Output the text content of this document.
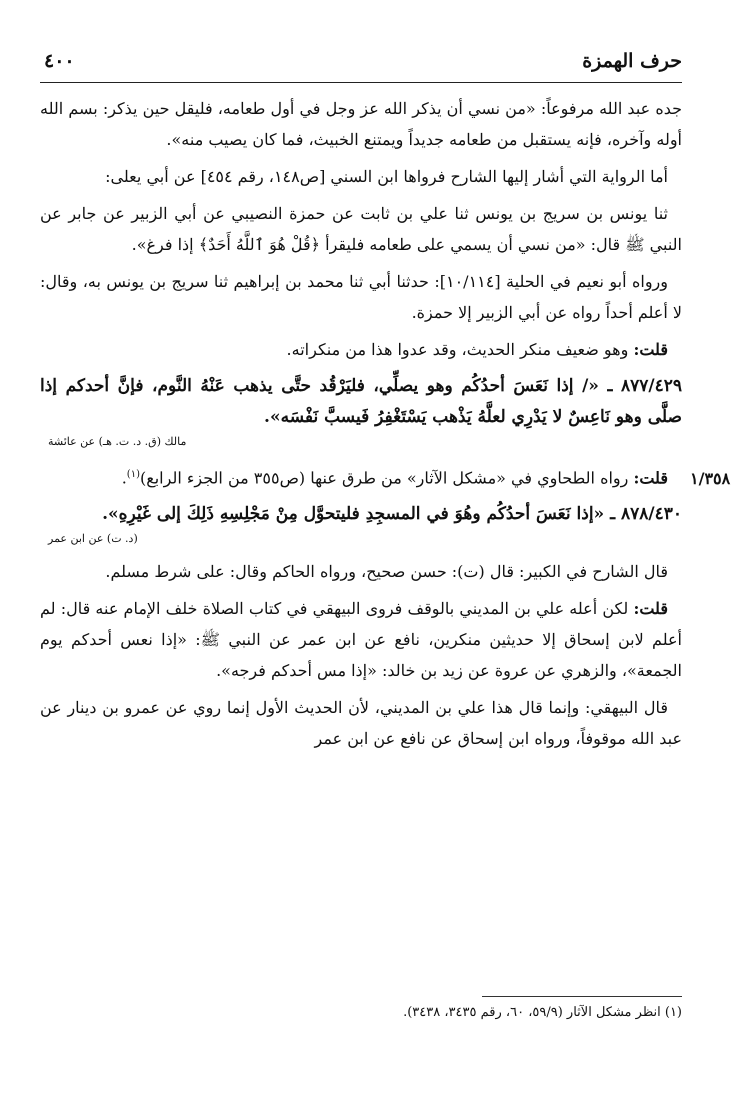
حرف الهمزة
٤٠٠
١/٣٥٨

جده عبد الله مرفوعاً: «من نسي أن يذكر الله عز وجل في أول طعامه، فليقل حين يذكر: بسم الله أوله وآخره، فإنه يستقبل من طعامه جديداً ويمتنع الخبيث، فما كان يصيب منه».

أما الرواية التي أشار إليها الشارح فرواها ابن السني [ص١٤٨، رقم ٤٥٤] عن أبي يعلى:

ثنا يونس بن سريج بن يونس ثنا علي بن ثابت عن حمزة النصيبي عن أبي الزبير عن جابر عن النبي ﷺ قال: «من نسي أن يسمي على طعامه فليقرأ ﴿قُلْ هُوَ ٱللَّهُ أَحَدٌ﴾ إذا فرغ».

ورواه أبو نعيم في الحلية [١٠/١١٤]: حدثنا أبي ثنا محمد بن إبراهيم ثنا سريج بن يونس به، وقال: لا أعلم أحداً رواه عن أبي الزبير إلا حمزة.

قلت: وهو ضعيف منكر الحديث، وقد عدوا هذا من منكراته.

٨٧٧/٤٢٩ ـ «/ إذا نَعَسَ أحدُكُم وهو يصلِّي، فليَرْقُد حتَّى يذهب عَنْهُ النَّوم، فإنَّ أحدكم إذا صلَّى وهو نَاعِسٌ لا يَدْرِي لعلَّهُ يَذْهب يَسْتَغْفِرُ فَيسبَّ نَفْسَه».

مالك (ق. د. ت. هـ) عن عائشة

قلت: رواه الطحاوي في «مشكل الآثار» من طرق عنها (ص٣٥٥ من الجزء الرابع)$^{(١)}$.

٨٧٨/٤٣٠ ـ «إذا نَعَسَ أحدُكُم وهُوَ في المسجِدِ فليتحوَّل مِنْ مَجْلِسِهِ ذَلِكَ إلى غَيْرِهِ».

(د. ت) عن ابن عمر

قال الشارح في الكبير: قال (ت): حسن صحيح، ورواه الحاكم وقال: على شرط مسلم.

قلت: لكن أعله علي بن المديني بالوقف فروى البيهقي في كتاب الصلاة خلف الإمام عنه قال: لم أعلم لابن إسحاق إلا حديثين منكرين، نافع عن ابن عمر عن النبي ﷺ: «إذا نعس أحدكم يوم الجمعة»، والزهري عن عروة عن زيد بن خالد: «إذا مس أحدكم فرجه».

قال البيهقي: وإنما قال هذا علي بن المديني، لأن الحديث الأول إنما روي عن عمرو بن دينار عن عبد الله موقوفاً، ورواه ابن إسحاق عن نافع عن ابن عمر

(١) انظر مشكل الآثار (٥٩/٩، ٦٠، رقم ٣٤٣٥، ٣٤٣٨).
